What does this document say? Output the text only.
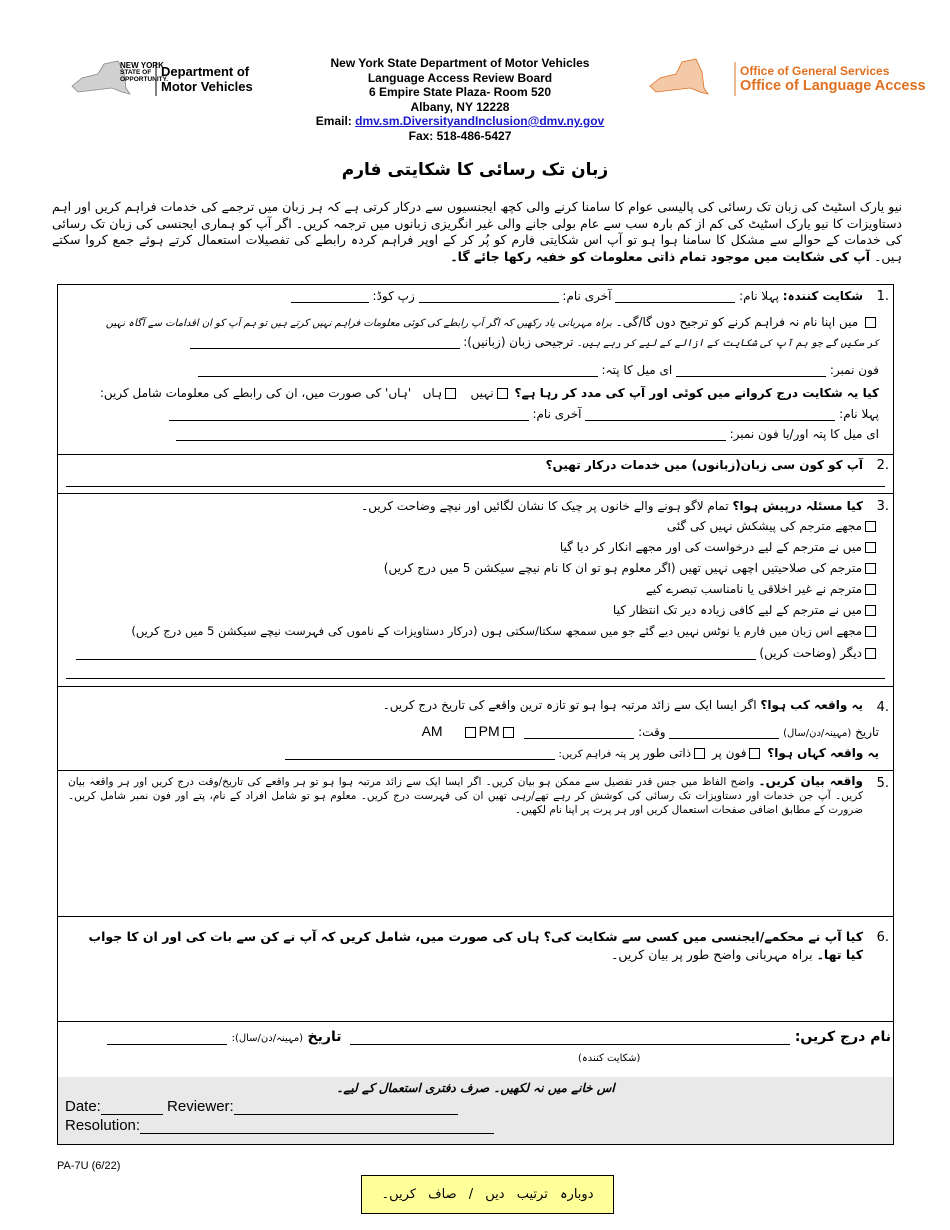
NEW YORK
STATE OF
OPPORTUNITY.
Department of
Motor Vehicles
New York State Department of Motor Vehicles
Language Access Review Board
6 Empire State Plaza- Room 520
Albany, NY 12228
Email: dmv.sm.DiversityandInclusion@dmv.ny.gov
Fax: 518-486-5427
Office of General Services
Office of Language Access
زبان تک رسائی کا شکایتی فارم
نیو یارک اسٹیٹ کی زبان تک رسائی کی پالیسی عوام کا سامنا کرنے والی کچھ ایجنسیوں سے درکار کرتی ہے کہ ہر زبان میں ترجمے کی خدمات فراہم کریں اور اہم دستاویزات کا نیو یارک اسٹیٹ کی کم از کم بارہ سب سے عام بولی جانے والی غیر انگریزی زبانوں میں ترجمہ کریں۔ اگر آپ کو ہماری ایجنسی کی زبان تک رسائی کی خدمات کے حوالے سے مشکل کا سامنا ہوا ہو تو آپ اس شکایتی فارم کو پُر کر کے اوپر فراہم کردہ رابطے کی تفصیلات استعمال کرتے ہوئے جمع کروا سکتے ہیں۔ آپ کی شکایت میں موجود تمام ذاتی معلومات کو خفیہ رکھا جائے گا۔
1.
شکایت کنندہ: پہلا نام:  آخری نام:  زپ کوڈ:
میں اپنا نام نہ فراہم کرنے کو ترجیح دوں گا/گی۔ براہ مہربانی یاد رکھیں کہ اگر آپ رابطے کی کوئی معلومات فراہم نہیں کرتے ہیں تو ہم آپ کو ان اقدامات سے آگاہ نہیں
کر سکیں گے جو ہم آپ کی شکایت کے ازالے کے لیے کر رہے ہیں۔ ترجیحی زبان (زبانیں):
فون نمبر:  ای میل کا پتہ:
کیا یہ شکایت درج کروانے میں کوئی اور آپ کی مدد کر رہا ہے؟ نہیں   ہاں   'ہاں' کی صورت میں، ان کی رابطے کی معلومات شامل کریں:
پہلا نام:  آخری نام:
ای میل کا پتہ اور/یا فون نمبر:
2.
آپ کو کون سی زبان(زبانوں) میں خدمات درکار تھیں؟
3.
کیا مسئلہ درپیش ہوا؟ تمام لاگو ہونے والے خانوں پر چیک کا نشان لگائیں اور نیچے وضاحت کریں۔
مجھے مترجم کی پیشکش نہیں کی گئی
میں نے مترجم کے لیے درخواست کی اور مجھے انکار کر دیا گیا
مترجم کی صلاحیتیں اچھی نہیں تھیں (اگر معلوم ہو تو ان کا نام نیچے سیکشن 5 میں درج کریں)
مترجم نے غیر اخلاقی یا نامناسب تبصرے کیے
میں نے مترجم کے لیے کافی زیادہ دیر تک انتظار کیا
مجھے اس زبان میں فارم یا نوٹس نہیں دیے گئے جو میں سمجھ سکتا/سکتی ہوں (درکار دستاویزات کے ناموں کی فہرست نیچے سیکشن 5 میں درج کریں)
دیگر (وضاحت کریں)
4.
یہ واقعہ کب ہوا؟ اگر ایسا ایک سے زائد مرتبہ ہوا ہو تو تازہ ترین واقعے کی تاریخ درج کریں۔
تاریخ (مہینہ/دن/سال)  وقت:   AM	PM
یہ واقعہ کہاں ہوا؟ فون پر ذاتی طور پر پتہ فراہم کریں:
5.
واقعہ بیان کریں۔ واضح الفاظ میں جس قدر تفصیل سے ممکن ہو بیان کریں۔ اگر ایسا ایک سے زائد مرتبہ ہوا ہو تو ہر واقعے کی تاریخ/وقت درج کریں اور ہر واقعہ بیان کریں۔ آپ جن خدمات اور دستاویزات تک رسائی کی کوشش کر رہے تھے/رہی تھیں ان کی فہرست درج کریں۔ معلوم ہو تو شامل افراد کے نام، پتے اور فون نمبر شامل کریں۔ ضرورت کے مطابق اضافی صفحات استعمال کریں اور ہر پرت پر اپنا نام لکھیں۔
6.
کیا آپ نے محکمے/ایجنسی میں کسی سے شکایت کی؟ ہاں کی صورت میں، شامل کریں کہ آپ نے کن سے بات کی اور ان کا جواب کیا تھا۔ براہ مہربانی واضح طور پر بیان کریں۔
نام درج کریں:   تاریخ (مہینہ/دن/سال):
(شکایت کنندہ)
اس خانے میں نہ لکھیں۔ صرف دفتری استعمال کے لیے۔
Date:	Reviewer:
Resolution:
PA-7U (6/22)
دوبارہ ترتیب دیں / صاف کریں۔
